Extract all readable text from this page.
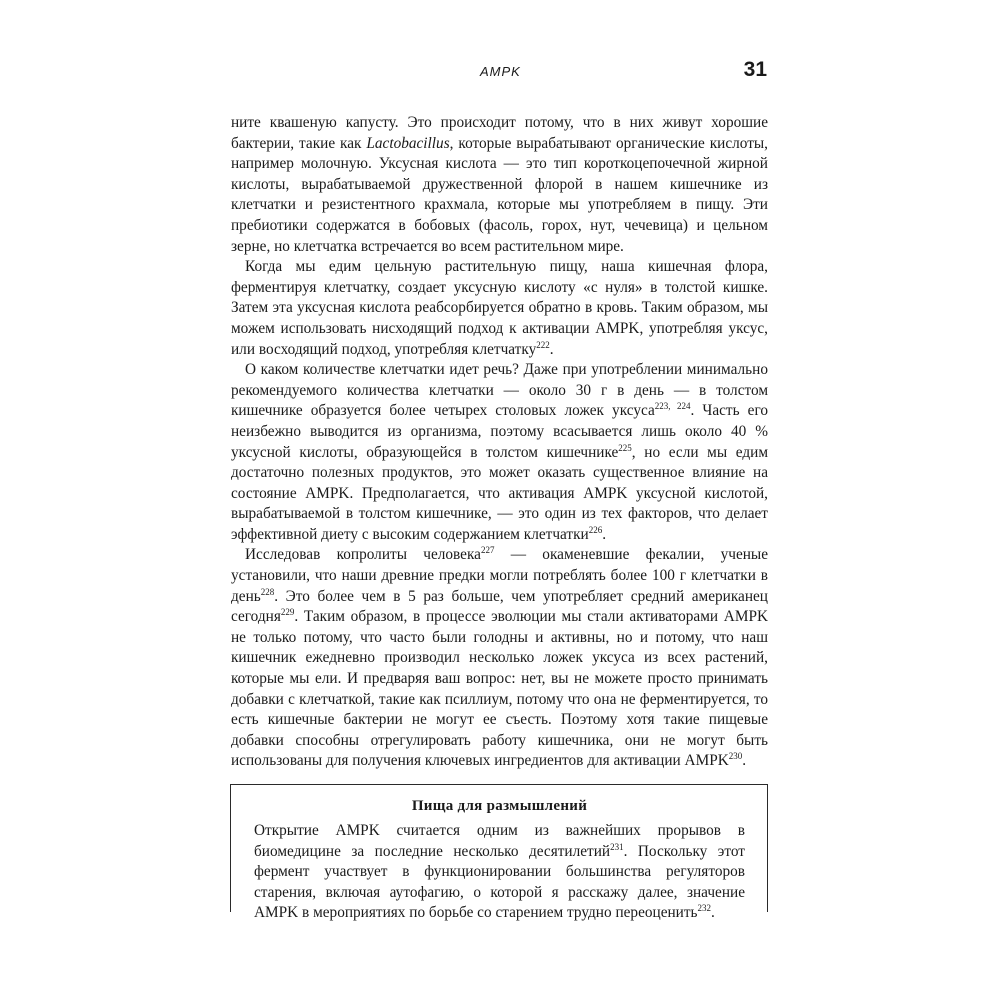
AMPK	31

ните квашеную капусту. Это происходит потому, что в них живут хорошие бактерии, такие как Lactobacillus, которые вырабатывают органические кислоты, например молочную. Уксусная кислота — это тип короткоцепочечной жирной кислоты, вырабатываемой дружественной флорой в нашем кишечнике из клетчатки и резистентного крахмала, которые мы употребляем в пищу. Эти пребиотики содержатся в бобовых (фасоль, горох, нут, чечевица) и цельном зерне, но клетчатка встречается во всем растительном мире.

Когда мы едим цельную растительную пищу, наша кишечная флора, ферментируя клетчатку, создает уксусную кислоту «с нуля» в толстой кишке. Затем эта уксусная кислота реабсорбируется обратно в кровь. Таким образом, мы можем использовать нисходящий подход к активации AMPK, употребляя уксус, или восходящий подход, употребляя клетчатку$^{222}$.

О каком количестве клетчатки идет речь? Даже при употреблении минимально рекомендуемого количества клетчатки — около 30 г в день — в толстом кишечнике образуется более четырех столовых ложек уксуса$^{223, 224}$. Часть его неизбежно выводится из организма, поэтому всасывается лишь около 40 % уксусной кислоты, образующейся в толстом кишечнике$^{225}$, но если мы едим достаточно полезных продуктов, это может оказать существенное влияние на состояние AMPK. Предполагается, что активация AMPK уксусной кислотой, вырабатываемой в толстом кишечнике, — это один из тех факторов, что делает эффективной диету с высоким содержанием клетчатки$^{226}$.

Исследовав копролиты человека$^{227}$ — окаменевшие фекалии, ученые установили, что наши древние предки могли потреблять более 100 г клетчатки в день$^{228}$. Это более чем в 5 раз больше, чем употребляет средний американец сегодня$^{229}$. Таким образом, в процессе эволюции мы стали активаторами AMPK не только потому, что часто были голодны и активны, но и потому, что наш кишечник ежедневно производил несколько ложек уксуса из всех растений, которые мы ели. И предваряя ваш вопрос: нет, вы не можете просто принимать добавки с клетчаткой, такие как псиллиум, потому что она не ферментируется, то есть кишечные бактерии не могут ее съесть. Поэтому хотя такие пищевые добавки способны отрегулировать работу кишечника, они не могут быть использованы для получения ключевых ингредиентов для активации AMPK$^{230}$.

Пища для размышлений

Открытие AMPK считается одним из важнейших прорывов в биомедицине за последние несколько десятилетий$^{231}$. Поскольку этот фермент участвует в функционировании большинства регуляторов старения, включая аутофагию, о которой я расскажу далее, значение AMPK в мероприятиях по борьбе со старением трудно переоценить$^{232}$.
